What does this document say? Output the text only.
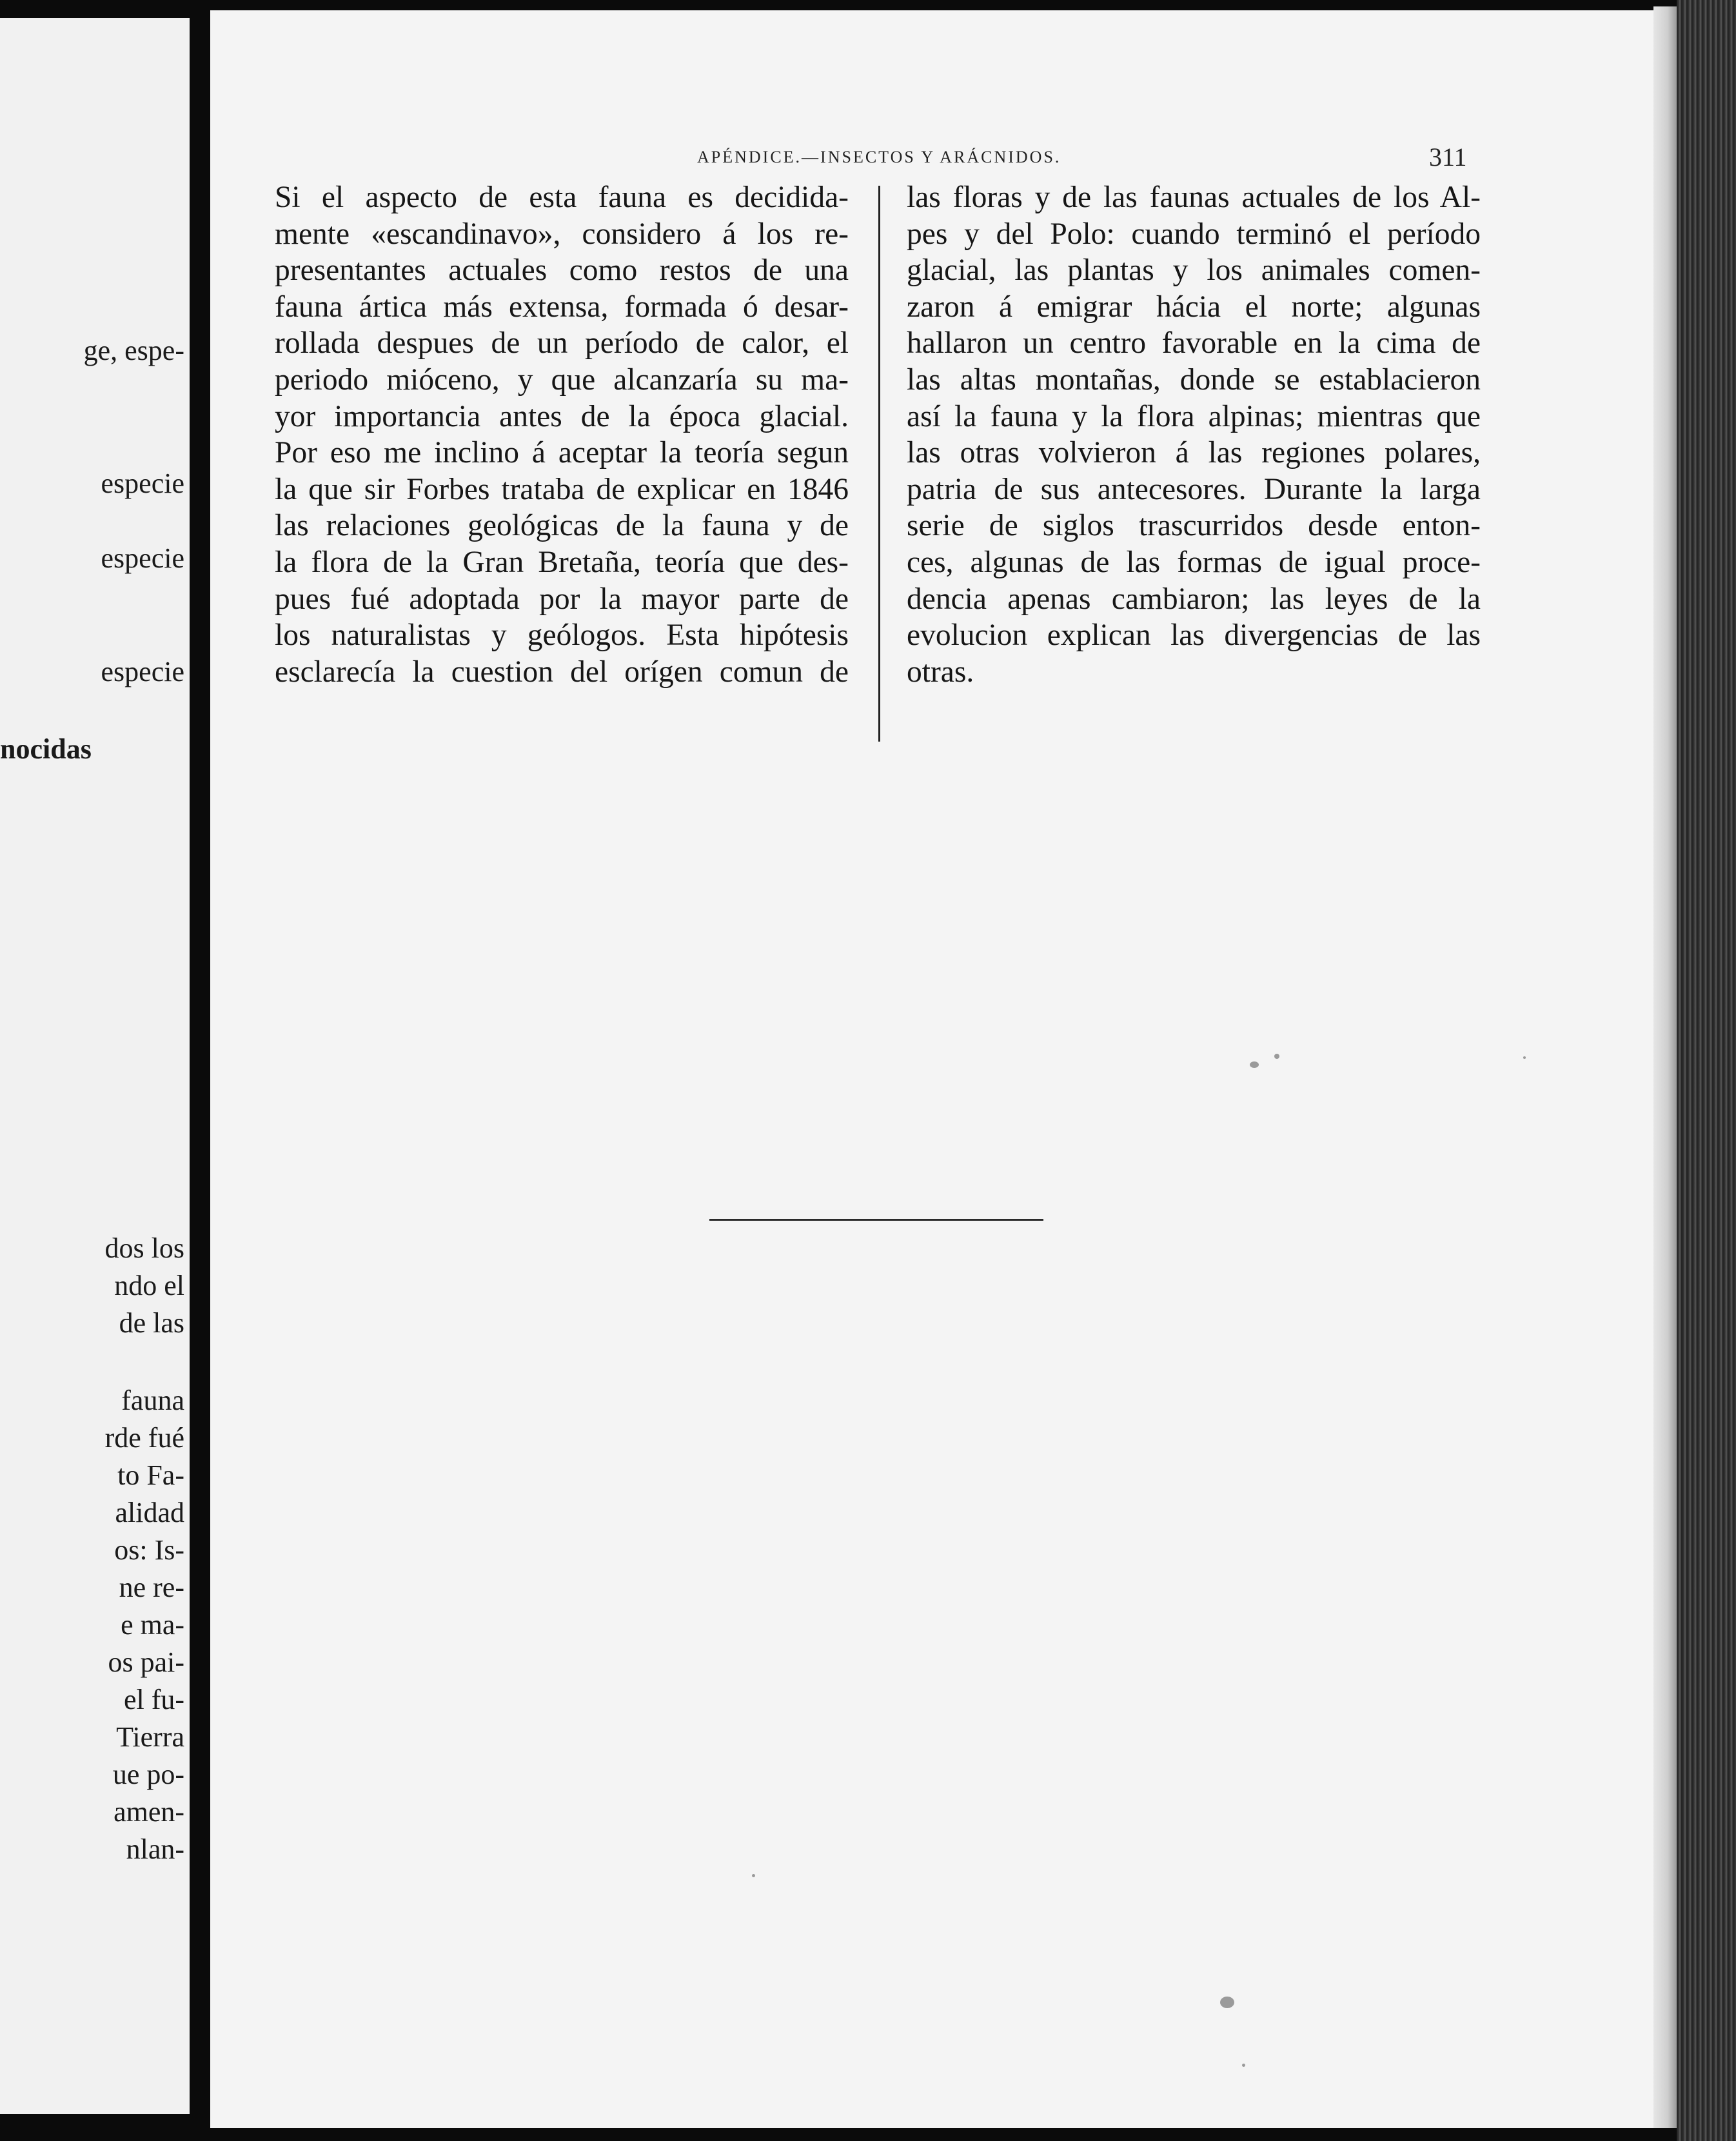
ge, espe-
especie
especie
especie
nocidas
dos los
ndo el
de las
fauna
rde fué
to Fa-
alidad
os: Is-
ne re-
e ma-
os pai-
el fu-
Tierra
ue po-
amen-
nlan-
APÉNDICE.—INSECTOS Y ARÁCNIDOS.	311
Si el aspecto de esta fauna es decidida-
mente «escandinavo», considero á los re-
presentantes actuales como restos de una
fauna ártica más extensa, formada ó desar-
rollada despues de un período de calor, el
periodo mióceno, y que alcanzaría su ma-
yor importancia antes de la época glacial.
Por eso me inclino á aceptar la teoría segun
la que sir Forbes trataba de explicar en 1846
las relaciones geológicas de la fauna y de
la flora de la Gran Bretaña, teoría que des-
pues fué adoptada por la mayor parte de
los naturalistas y geólogos. Esta hipótesis
esclarecía la cuestion del orígen comun de
las floras y de las faunas actuales de los Al-
pes y del Polo: cuando terminó el período
glacial, las plantas y los animales comen-
zaron á emigrar hácia el norte; algunas
hallaron un centro favorable en la cima de
las altas montañas, donde se establacieron
así la fauna y la flora alpinas; mientras que
las otras volvieron á las regiones polares,
patria de sus antecesores. Durante la larga
serie de siglos trascurridos desde enton-
ces, algunas de las formas de igual proce-
dencia apenas cambiaron; las leyes de la
evolucion explican las divergencias de las
otras.
